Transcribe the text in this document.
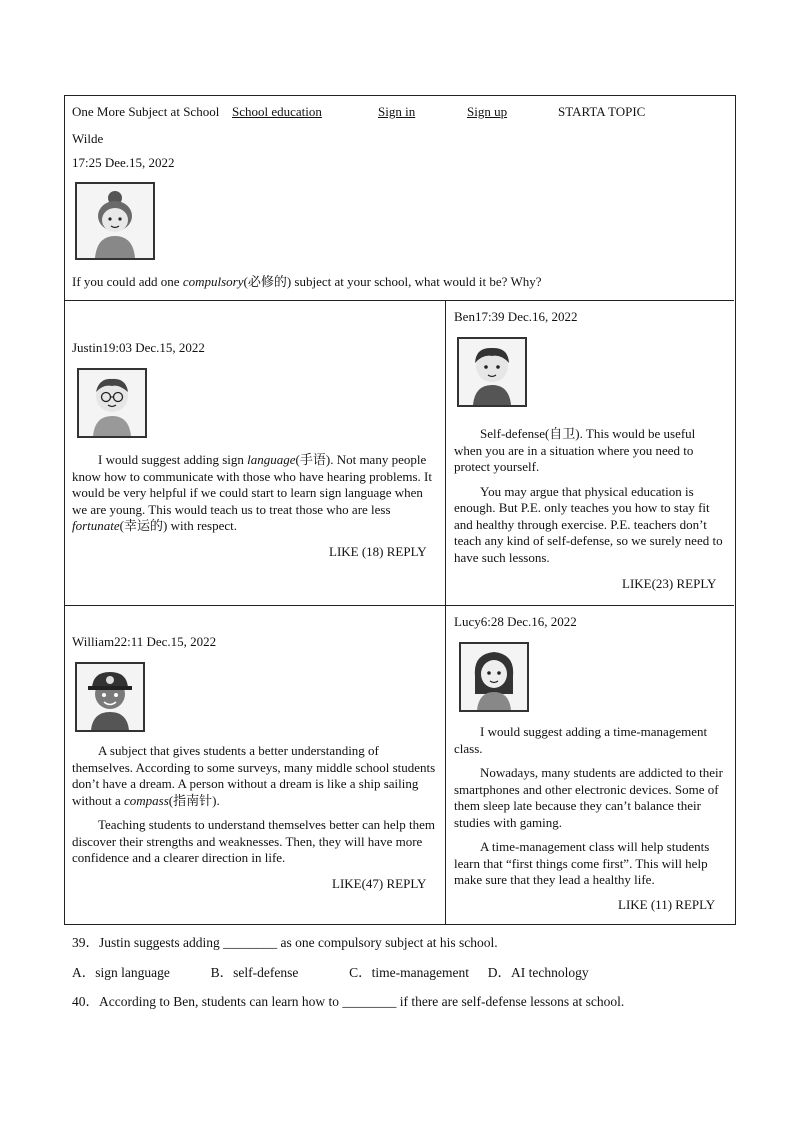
One More Subject at School School education	Sign in	Sign up	STARTA TOPIC
Wilde
17:25 Dee.15, 2022
If you could add one compulsory(必修的) subject at your school, what would it be? Why?
Justin19:03 Dec.15, 2022

I would suggest adding sign language(手语). Not many people know how to communicate with those who have hearing problems. It would be very helpful if we could start to learn sign language when we are young. This would teach us to treat those who are less fortunate(幸运的) with respect.

LIKE (18) REPLY
Ben17:39 Dec.16, 2022

Self-defense(自卫). This would be useful when you are in a situation where you need to protect yourself.

You may argue that physical education is enough. But P.E. only teaches you how to stay fit and healthy through exercise. P.E. teachers don’t teach any kind of self-defense, so we surely need to have such lessons.

LIKE(23) REPLY
William22:11 Dec.15, 2022

A subject that gives students a better understanding of themselves. According to some surveys, many middle school students don’t have a dream. A person without a dream is like a ship sailing without a compass(指南针).

Teaching students to understand themselves better can help them discover their strengths and weaknesses. Then, they will have more confidence and a clearer direction in life.

LIKE(47) REPLY
Lucy6:28 Dec.16, 2022

I would suggest adding a time-management class.

Nowadays, many students are addicted to their smartphones and other electronic devices. Some of them sleep late because they can’t balance their studies with gaming.

A time-management class will help students learn that “first things come first”. This will help make sure that they lead a healthy life.

LIKE (11) REPLY
39．Justin suggests adding ________ as one compulsory subject at his school.
A．sign language	B．self-defense	C．time-management D．AI technology
40．According to Ben, students can learn how to ________ if there are self-defense lessons at school.
